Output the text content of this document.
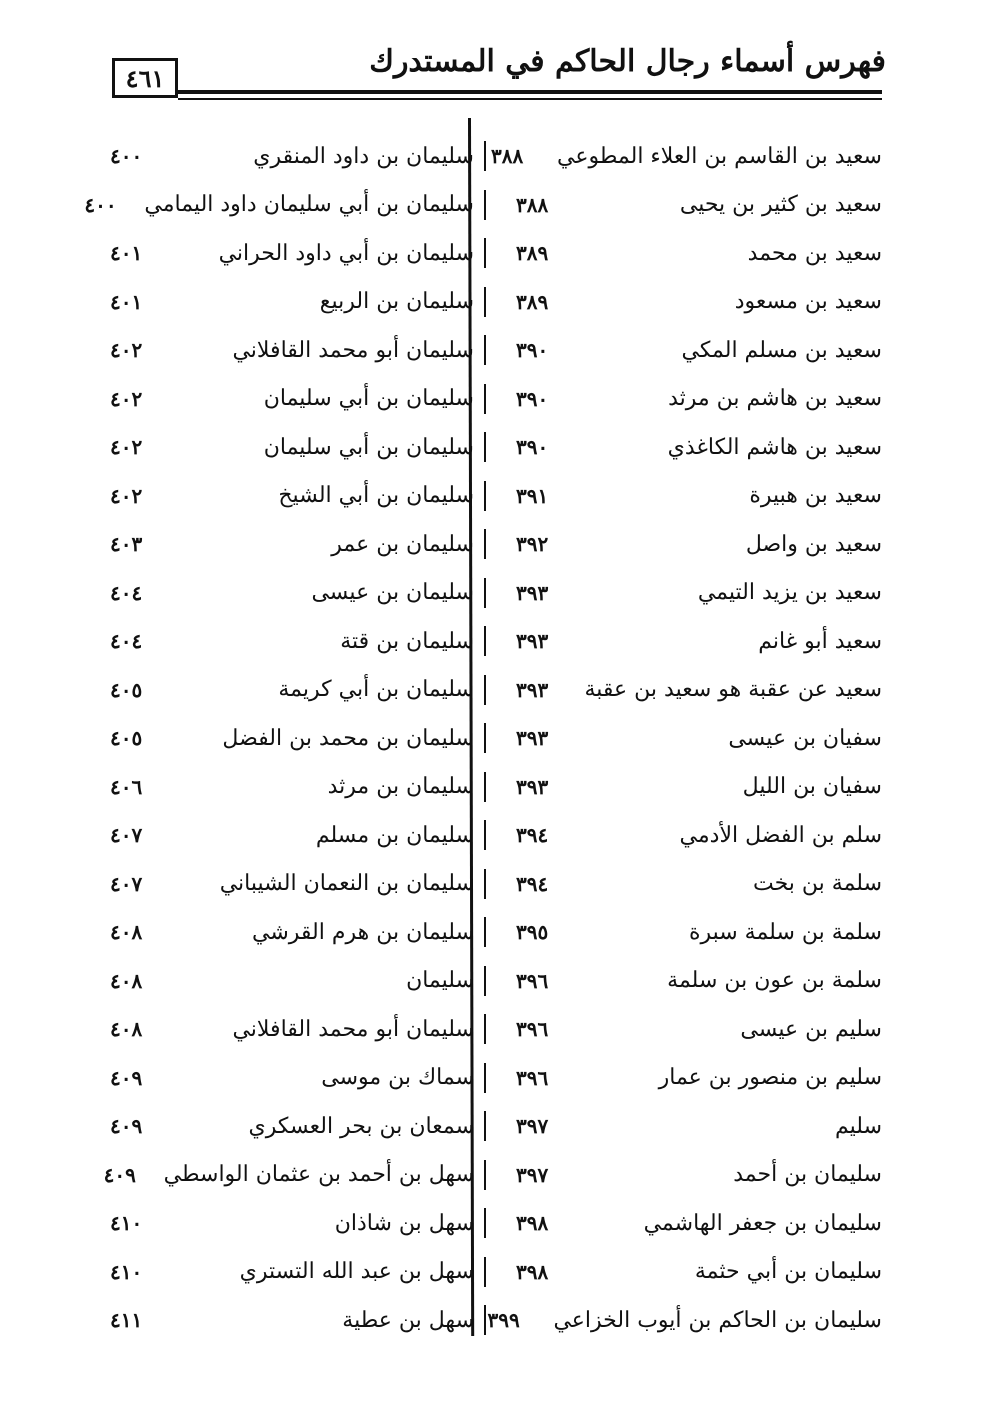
فهرس أسماء رجال الحاكم في المستدرك
٤٦١
سعيد بن القاسم بن العلاء المطوعي
٣٨٨
سعيد بن كثير بن يحيى
٣٨٨
سعيد بن محمد
٣٨٩
سعيد بن مسعود
٣٨٩
سعيد بن مسلم المكي
٣٩٠
سعيد بن هاشم بن مرثد
٣٩٠
سعيد بن هاشم الكاغذي
٣٩٠
سعيد بن هبيرة
٣٩١
سعيد بن واصل
٣٩٢
سعيد بن يزيد التيمي
٣٩٣
سعيد أبو غانم
٣٩٣
سعيد عن عقبة هو سعيد بن عقبة
٣٩٣
سفيان بن عيسى
٣٩٣
سفيان بن الليل
٣٩٣
سلم بن الفضل الأدمي
٣٩٤
سلمة بن بخت
٣٩٤
سلمة بن سلمة سبرة
٣٩٥
سلمة بن عون بن سلمة
٣٩٦
سليم بن عيسى
٣٩٦
سليم بن منصور بن عمار
٣٩٦
سليم
٣٩٧
سليمان بن أحمد
٣٩٧
سليمان بن جعفر الهاشمي
٣٩٨
سليمان بن أبي حثمة
٣٩٨
سليمان بن الحاكم بن أيوب الخزاعي
٣٩٩
سليمان بن داود المنقري
٤٠٠
سليمان بن أبي سليمان داود اليمامي
٤٠٠
سليمان بن أبي داود الحراني
٤٠١
سليمان بن الربيع
٤٠١
سليمان أبو محمد القافلاني
٤٠٢
سليمان بن أبي سليمان
٤٠٢
سليمان بن أبي سليمان
٤٠٢
سليمان بن أبي الشيخ
٤٠٢
سليمان بن عمر
٤٠٣
سليمان بن عيسى
٤٠٤
سليمان بن قتة
٤٠٤
سليمان بن أبي كريمة
٤٠٥
سليمان بن محمد بن الفضل
٤٠٥
سليمان بن مرثد
٤٠٦
سليمان بن مسلم
٤٠٧
سليمان بن النعمان الشيباني
٤٠٧
سليمان بن هرم القرشي
٤٠٨
سليمان
٤٠٨
سليمان أبو محمد القافلاني
٤٠٨
سماك بن موسى
٤٠٩
سمعان بن بحر العسكري
٤٠٩
سهل بن أحمد بن عثمان الواسطي
٤٠٩
سهل بن شاذان
٤١٠
سهل بن عبد الله التستري
٤١٠
سهل بن عطية
٤١١
